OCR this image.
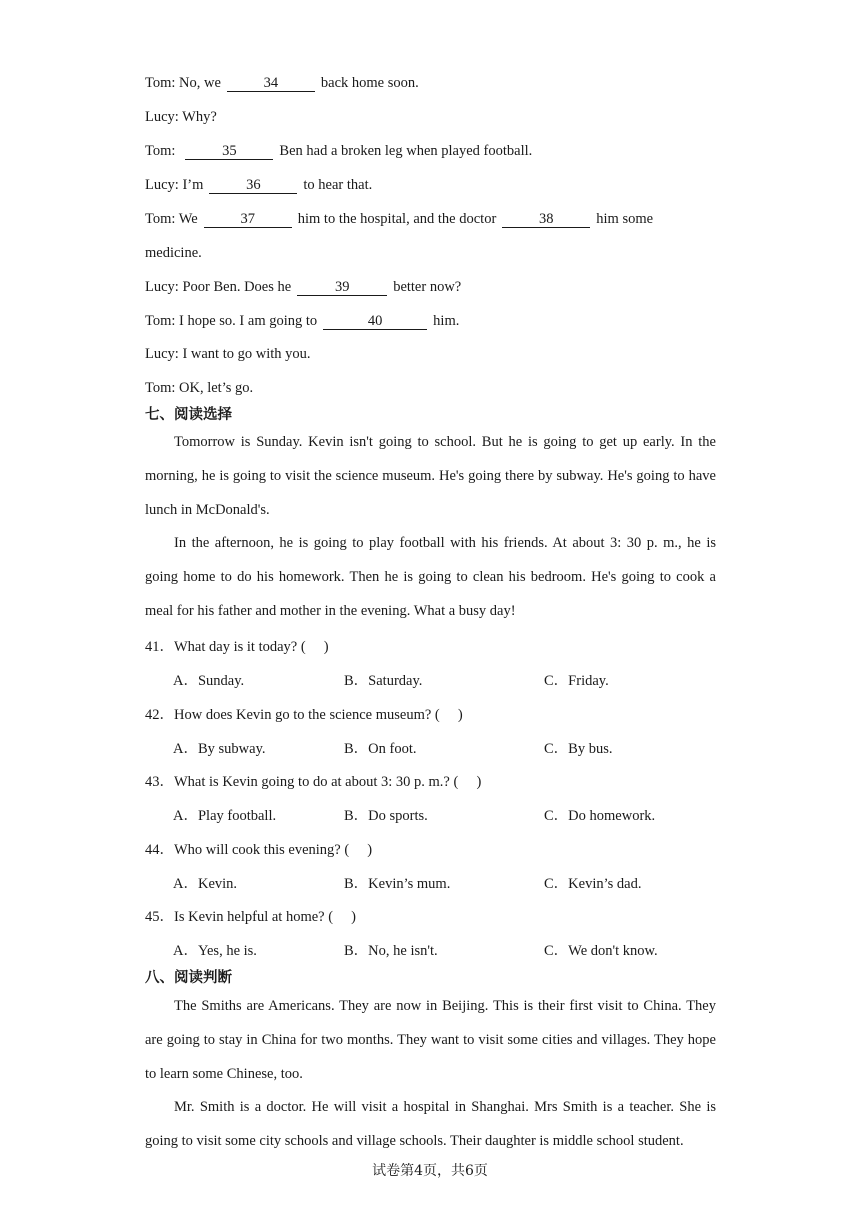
Tom: No, we	34	back home soon.
Lucy: Why?
Tom:	35	Ben had a broken leg when played football.
Lucy: I’m	36	to hear that.
Tom: We	37	him to the hospital, and the doctor	38	him some
medicine.
Lucy: Poor Ben. Does he	39	better now?
Tom: I hope so. I am going to	40	him.
Lucy: I want to go with you.
Tom: OK, let’s go.
七、阅读选择
Tomorrow is Sunday. Kevin isn't going to school. But he is going to get up early. In the morning, he is going to visit the science museum. He's going there by subway. He's going to have lunch in McDonald's.
In the afternoon, he is going to play football with his friends. At about 3: 30 p. m., he is going home to do his homework. Then he is going to clean his bedroom. He's going to cook a meal for his father and mother in the evening. What a busy day!
41．What day is it today? (　 )
A．Sunday.	B．Saturday.	C．Friday.
42．How does Kevin go to the science museum? (　 )
A．By subway.	B．On foot.	C．By bus.
43．What is Kevin going to do at about 3: 30 p. m.? (　 )
A．Play football.	B．Do sports.	C．Do homework.
44．Who will cook this evening? (　 )
A．Kevin.	B．Kevin’s mum.	C．Kevin’s dad.
45．Is Kevin helpful at home? (　 )
A．Yes, he is.	B．No, he isn't.	C．We don't know.
八、阅读判断
The Smiths are Americans. They are now in Beijing. This is their first visit to China. They are going to stay in China for two months. They want to visit some cities and villages. They hope to learn some Chinese, too.
Mr. Smith is a doctor. He will visit a hospital in Shanghai. Mrs Smith is a teacher. She is going to visit some city schools and village schools. Their daughter is middle school student.
试卷第4页，共6页
